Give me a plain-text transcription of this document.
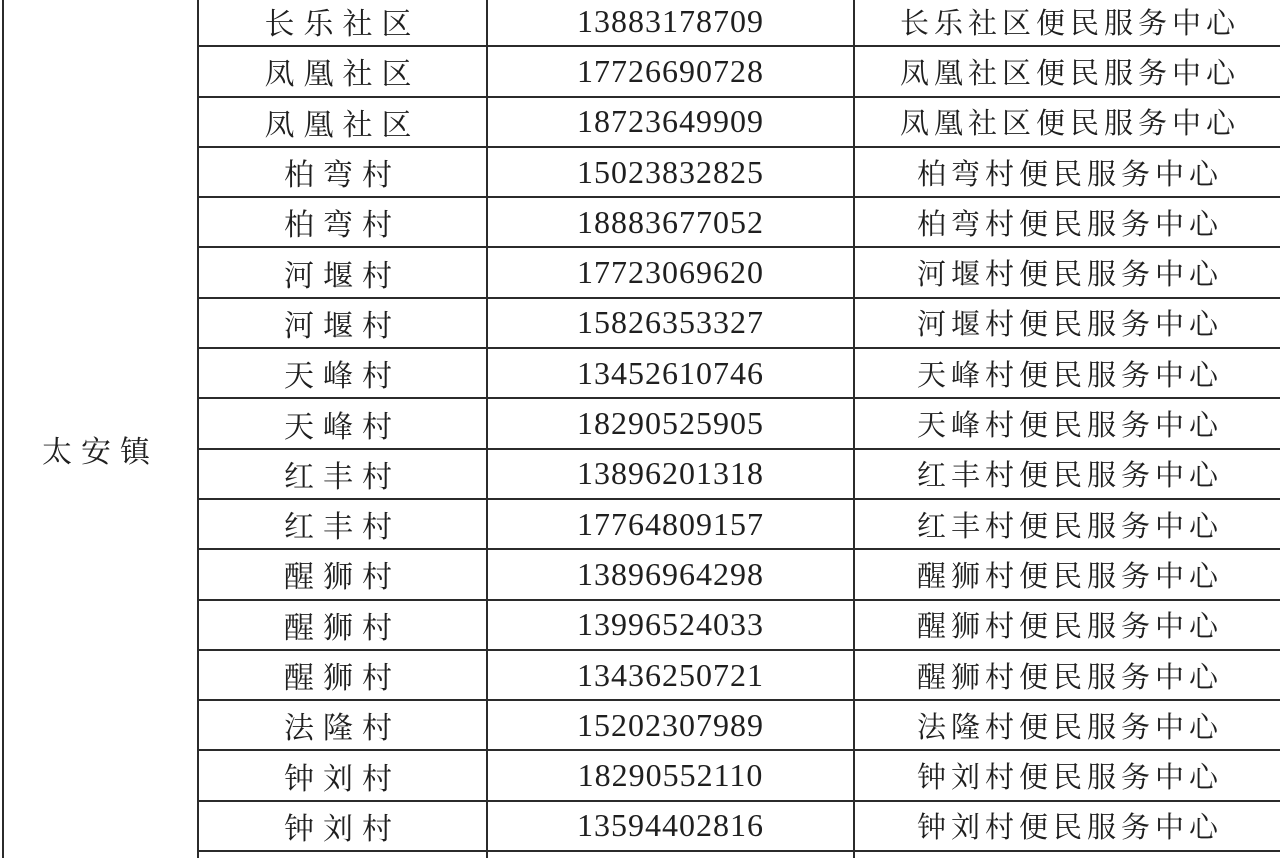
太安镇	长乐社区	13883178709	长乐社区便民服务中心
	凤凰社区	17726690728	凤凰社区便民服务中心
	凤凰社区	18723649909	凤凰社区便民服务中心
	柏弯村	15023832825	柏弯村便民服务中心
	柏弯村	18883677052	柏弯村便民服务中心
	河堰村	17723069620	河堰村便民服务中心
	河堰村	15826353327	河堰村便民服务中心
	天峰村	13452610746	天峰村便民服务中心
	天峰村	18290525905	天峰村便民服务中心
	红丰村	13896201318	红丰村便民服务中心
	红丰村	17764809157	红丰村便民服务中心
	醒狮村	13896964298	醒狮村便民服务中心
	醒狮村	13996524033	醒狮村便民服务中心
	醒狮村	13436250721	醒狮村便民服务中心
	法隆村	15202307989	法隆村便民服务中心
	钟刘村	18290552110	钟刘村便民服务中心
	钟刘村	13594402816	钟刘村便民服务中心
